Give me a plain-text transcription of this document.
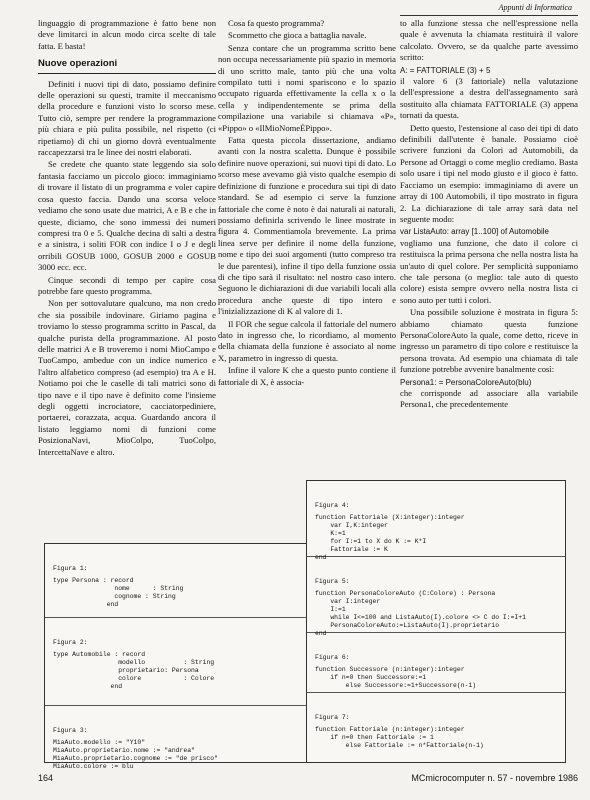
Appunti di Informatica

linguaggio di programmazione è fatto bene non deve limitarci in alcun modo circa scelte di tale fatta. E basta!

Nuove operazioni

Definiti i nuovi tipi di dato, possiamo definire delle operazioni su questi, tramite il meccanismo della procedure e funzioni visto lo scorso mese. Tutto ciò, sempre per rendere la programmazione più chiara e più pulita possibile, nel rispetto (ci ripetiamo) di chi un giorno dovrà eventualmente raccapezzarsi tra le linee dei nostri elaborati.

Se credete che quanto state leggendo sia solo fantasia facciamo un piccolo gioco: immaginiamo di trovare il listato di un programma e voler capire cosa questo faccia. Dando una scorsa veloce vediamo che sono usate due matrici, A e B e che in queste, diciamo, che sono immessi dei numeri compresi tra 0 e 5. Qualche decina di salti a destra e a sinistra, i soliti FOR con indice I o J e degli orribili GOSUB 1000, GOSUB 2000 e GOSUB 3000 ecc. ecc.

Cinque secondi di tempo per capire cosa potrebbe fare questo programma.

Non per sottovalutare qualcuno, ma non credo che sia possibile indovinare. Giriamo pagina e troviamo lo stesso programma scritto in Pascal, da qualche purista della programmazione. Al posto delle matrici A e B troveremo i nomi MioCampo e TuoCampo, ambedue con un indice numerico e l'altro alfabetico compreso (ad esempio) tra A e H. Notiamo poi che le caselle di tali matrici sono di tipo nave e il tipo nave è definito come l'insieme degli oggetti incrociatore, cacciatorpediniere, portaerei, corazzata, acqua. Guardando ancora il listato leggiamo nomi di funzioni come PosizionaNavi, MioColpo, TuoColpo, IntercettaNave e altro.

Cosa fa questo programma?

Scommetto che gioca a battaglia navale.

Senza contare che un programma scritto bene non occupa necessariamente più spazio in memoria di uno scritto male, tanto più che una volta compilato tutti i nomi spariscono e lo spazio occupato riguarda effettivamente la cella x o la cella y indipendentemente se prima della compilazione una variabile si chiamava «P», «Pippo» o «IlMioNomeÈPippo».

Fatta questa piccola dissertazione, andiamo avanti con la nostra scaletta. Dunque è possibile definire nuove operazioni, sui nuovi tipi di dato. Lo scorso mese avevamo già visto qualche esempio di definizione di funzione e procedura sui tipi di dato standard. Se ad esempio ci serve la funzione fattoriale che come è noto è dai naturali ai naturali, possiamo definirla scrivendo le linee mostrate in figura 4. Commentiamola brevemente. La prima linea serve per definire il nome della funzione, nome e tipo dei suoi argomenti (tutto compreso tra le due parentesi), infine il tipo della funzione ossia di che tipo sarà il risultato: nel nostro caso intero. Seguono le dichiarazioni di due variabili locali alla procedura anche queste di tipo intero e l'inizializzazione di K al valore di 1.

Il FOR che segue calcola il fattoriale del numero dato in ingresso che, lo ricordiamo, al momento della chiamata della funzione è associato al nome X, parametro in ingresso di questa.

Infine il valore K che a questo punto contiene il fattoriale di X, è associa-

to alla funzione stessa che nell'espressione nella quale è avvenuta la chiamata restituirà il valore calcolato. Ovvero, se da qualche parte avessimo scritto:

A: = FATTORIALE (3) + 5

il valore 6 (3 fattoriale) nella valutazione dell'espressione a destra dell'assegnamento sarà sostituito alla chiamata FATTORIALE (3) appena tornati da questa.

Detto questo, l'estensione al caso dei tipi di dato definibili dall'utente è banale. Possiamo cioè scrivere funzioni da Colori ad Automobili, da Persone ad Ortaggi o come meglio crediamo. Basta solo usare i tipi nel modo giusto e il gioco è fatto. Facciamo un esempio: immaginiamo di avere un array di 100 Automobili, il tipo mostrato in figura 2. La dichiarazione di tale array sarà data nel seguente modo:

var ListaAuto: array [1..100] of Automobile

vogliamo una funzione, che dato il colore ci restituisca la prima persona che nella nostra lista ha un'auto di quel colore. Per semplicità supponiamo che tale persona (o meglio: tale auto di questo colore) esista sempre ovvero nella nostra lista ci sono auto per tutti i colori.

Una possibile soluzione è mostrata in figura 5: abbiamo chiamato questa funzione PersonaColoreAuto la quale, come detto, riceve in ingresso un parametro di tipo colore e restituisce la persona trovata. Ad esempio una chiamata di tale funzione potrebbe avvenire banalmente così:

Persona1: = PersonaColoreAuto(blu)

che corrisponde ad associare alla variabile Persona1, che precedentemente

Figura 1:
type Persona : record
nome      : String
cognome : String
end

Figura 2:
type Automobile : record
modello          : String
proprietario: Persona
colore           : Colore
end

Figura 3:
MiaAuto.modello := "Y10"
MiaAuto.proprietario.nome := "andrea"
MiaAuto.proprietario.cognome := "de prisco"
MiaAuto.colore := blu

Figura 4:
function Fattoriale (X:integer):integer
var I,K:integer
K:=1
for I:=1 to X do K := K*I
Fattoriale := K
end

Figura 5:
function PersonaColoreAuto (C:Colore) : Persona
var I:integer
I:=1
while I<=100 and ListaAuto(I).colore <> C do I:=I+1
PersonaColoreAuto:=ListaAuto(I).proprietario
end

Figura 6:
function Successore (n:integer):integer
if n=0 then Successore:=1
else Successore:=1+Successore(n-1)

Figura 7:
function Fattoriale (n:integer):integer
if n=0 then Fattoriale := 1
else Fattoriale := n*Fattoriale(n-1)

164	MCmicrocomputer n. 57 - novembre 1986
